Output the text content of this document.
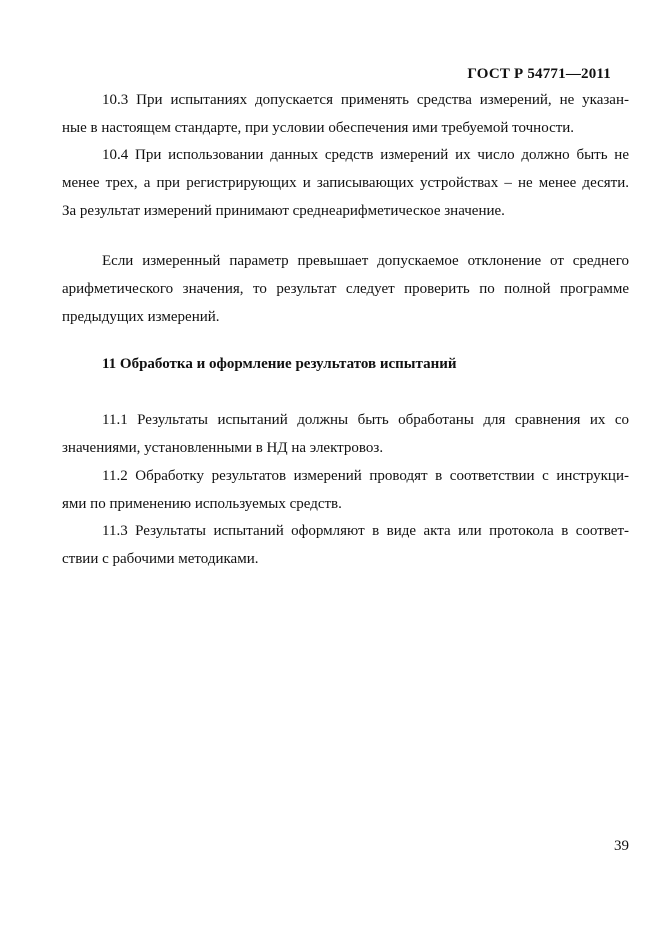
ГОСТ Р 54771—2011
10.3 При испытаниях допускается применять средства измерений, не указан-
ные в настоящем стандарте, при условии обеспечения ими требуемой точности.
10.4 При использовании данных средств измерений их число должно быть не
менее трех, а при регистрирующих и записывающих устройствах – не менее десяти.
За результат измерений принимают среднеарифметическое значение.
Если измеренный параметр превышает допускаемое отклонение от среднего
арифметического значения, то результат следует проверить по полной программе
предыдущих измерений.
11 Обработка и оформление результатов испытаний
11.1 Результаты испытаний должны быть обработаны для сравнения их со
значениями, установленными в НД на электровоз.
11.2 Обработку результатов измерений проводят в соответствии с инструкци-
ями по применению используемых средств.
11.3 Результаты испытаний оформляют в виде акта или протокола в соответ-
ствии с рабочими методиками.
39
